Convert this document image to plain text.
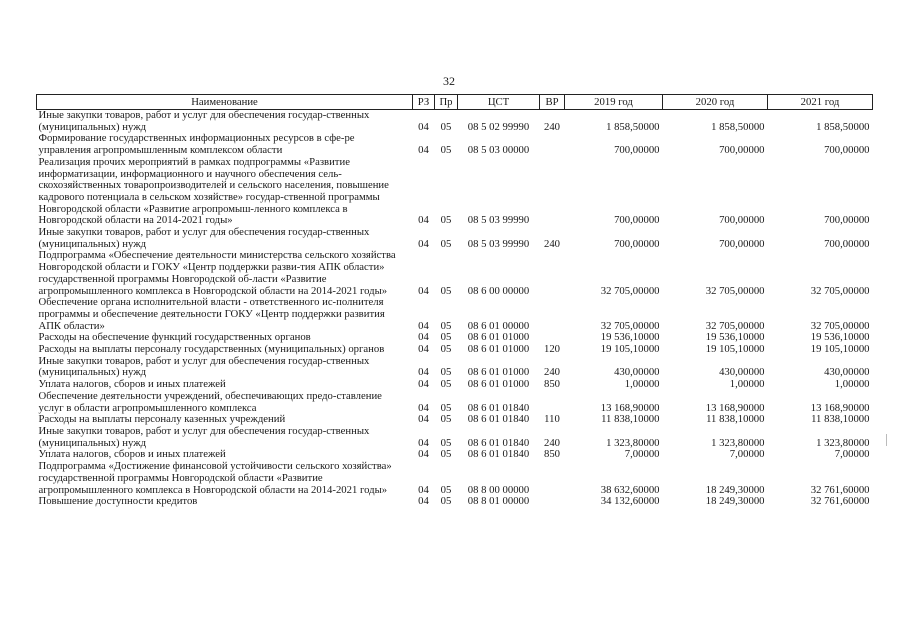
32
Наименование	РЗ	Пр	ЦСТ	ВР	2019 год	2020 год	2021 год
Иные закупки товаров, работ и услуг для обеспечения государ-ственных (муниципальных) нужд	04	05	08 5 02 99990	240	1 858,50000	1 858,50000	1 858,50000
Формирование государственных информационных ресурсов в сфе-ре управления агропромышленным комплексом области	04	05	08 5 03 00000		700,00000	700,00000	700,00000
Реализация прочих мероприятий в рамках подпрограммы «Развитие информатизации, информационного и научного обеспечения сель-скохозяйственных товаропроизводителей и сельского населения, повышение кадрового потенциала в сельском хозяйстве» государ-ственной программы Новгородской области «Развитие агропромыш-ленного комплекса в Новгородской области на 2014-2021 годы»	04	05	08 5 03 99990		700,00000	700,00000	700,00000
Иные закупки товаров, работ и услуг для обеспечения государ-ственных (муниципальных) нужд	04	05	08 5 03 99990	240	700,00000	700,00000	700,00000
Подпрограмма «Обеспечение деятельности министерства сельского хозяйства Новгородской области и ГОКУ «Центр поддержки разви-тия АПК области» государственной программы Новгородской об-ласти «Развитие агропромышленного комплекса в Новгородской области на 2014-2021 годы»	04	05	08 6 00 00000		32 705,00000	32 705,00000	32 705,00000
Обеспечение органа исполнительной власти - ответственного ис-полнителя программы и обеспечение деятельности ГОКУ «Центр поддержки развития АПК области»	04	05	08 6 01 00000		32 705,00000	32 705,00000	32 705,00000
Расходы на обеспечение функций государственных органов	04	05	08 6 01 01000		19 536,10000	19 536,10000	19 536,10000
Расходы на выплаты персоналу государственных (муниципальных) органов	04	05	08 6 01 01000	120	19 105,10000	19 105,10000	19 105,10000
Иные закупки товаров, работ и услуг для обеспечения государ-ственных (муниципальных) нужд	04	05	08 6 01 01000	240	430,00000	430,00000	430,00000
Уплата налогов, сборов и иных платежей	04	05	08 6 01 01000	850	1,00000	1,00000	1,00000
Обеспечение деятельности учреждений, обеспечивающих предо-ставление услуг в области агропромышленного комплекса	04	05	08 6 01 01840		13 168,90000	13 168,90000	13 168,90000
Расходы на выплаты персоналу казенных учреждений	04	05	08 6 01 01840	110	11 838,10000	11 838,10000	11 838,10000
Иные закупки товаров, работ и услуг для обеспечения государ-ственных (муниципальных) нужд	04	05	08 6 01 01840	240	1 323,80000	1 323,80000	1 323,80000
Уплата налогов, сборов и иных платежей	04	05	08 6 01 01840	850	7,00000	7,00000	7,00000
Подпрограмма «Достижение финансовой устойчивости сельского хозяйства» государственной программы Новгородской области «Развитие агропромышленного комплекса в Новгородской области на 2014-2021 годы»	04	05	08 8 00 00000		38 632,60000	18 249,30000	32 761,60000
Повышение доступности кредитов	04	05	08 8 01 00000		34 132,60000	18 249,30000	32 761,60000
